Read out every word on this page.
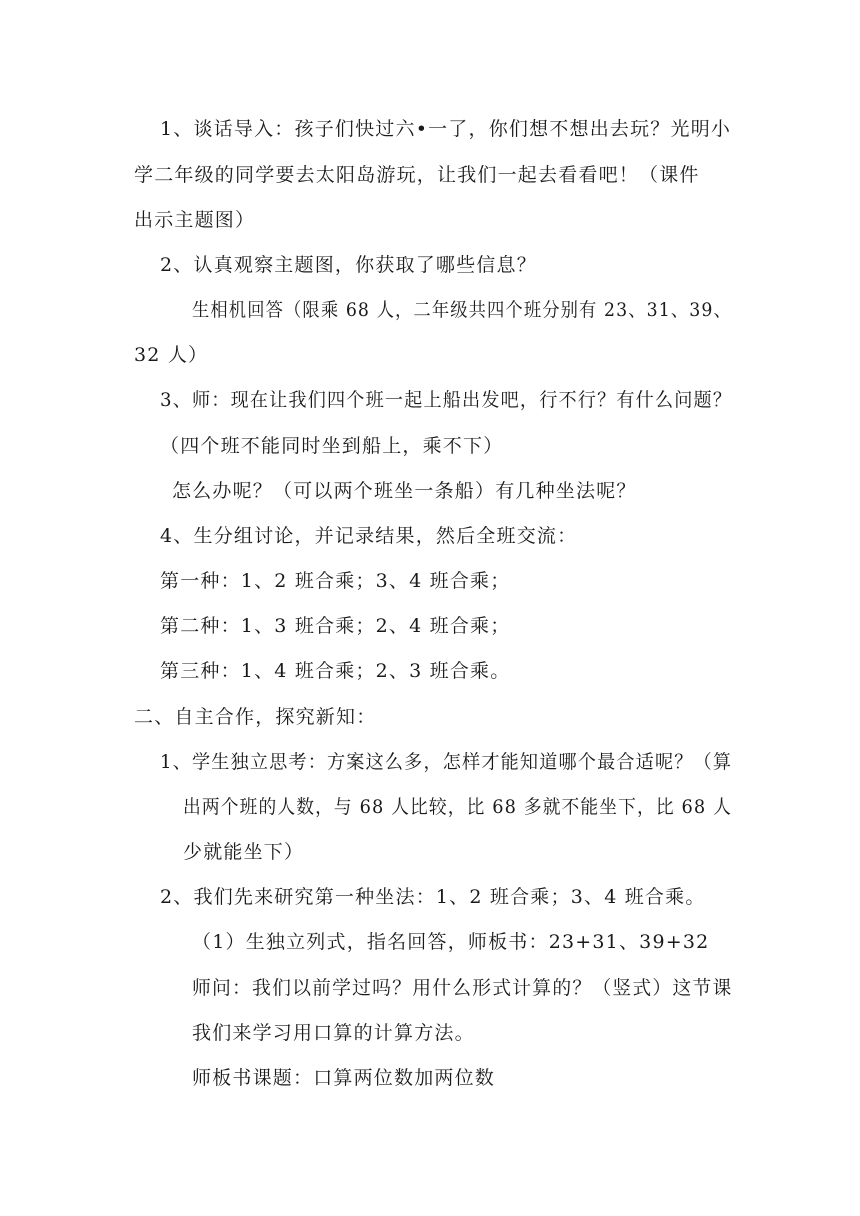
1、谈话导入：孩子们快过六•一了，你们想不想出去玩？光明小
学二年级的同学要去太阳岛游玩，让我们一起去看看吧！（课件
出示主题图）
2、认真观察主题图，你获取了哪些信息？
生相机回答（限乘 68 人，二年级共四个班分别有 23、31、39、
32 人）
3、师：现在让我们四个班一起上船出发吧，行不行？有什么问题？
（四个班不能同时坐到船上，乘不下）
怎么办呢？（可以两个班坐一条船）有几种坐法呢？
4、生分组讨论，并记录结果，然后全班交流：
第一种：1、2 班合乘；3、4 班合乘；
第二种：1、3 班合乘；2、4 班合乘；
第三种：1、4 班合乘；2、3 班合乘。
二、自主合作，探究新知：
1、学生独立思考：方案这么多，怎样才能知道哪个最合适呢？（算
出两个班的人数，与 68 人比较，比 68 多就不能坐下，比 68 人
少就能坐下）
2、我们先来研究第一种坐法：1、2 班合乘；3、4 班合乘。
（1）生独立列式，指名回答，师板书：23+31、39+32
师问：我们以前学过吗？用什么形式计算的？（竖式）这节课
我们来学习用口算的计算方法。
师板书课题：口算两位数加两位数
